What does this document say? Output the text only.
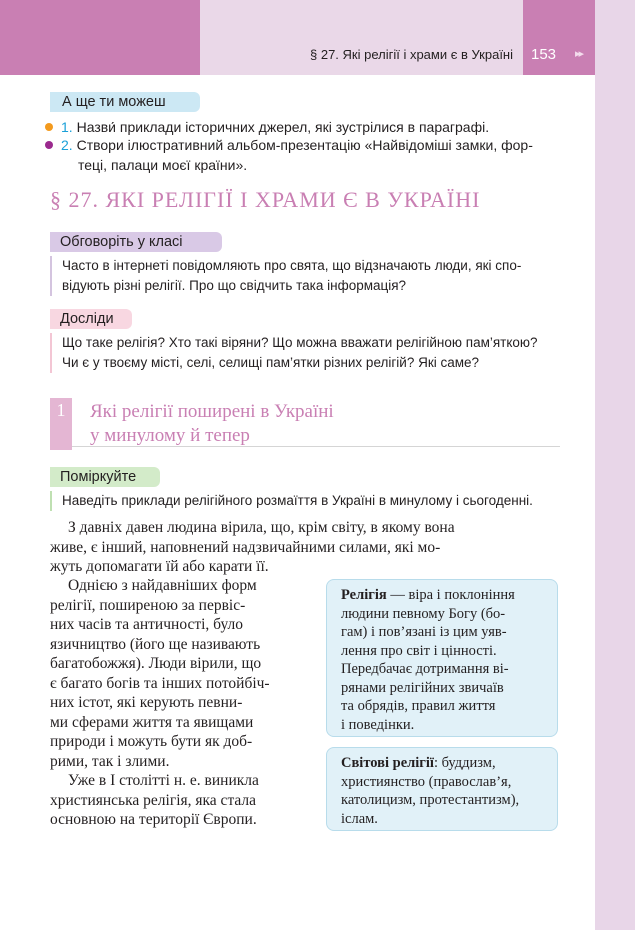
§ 27. Які релігії і храми є в Україні 153 ▸▸
А ще ти можеш
1. Назви́ приклади історичних джерел, які зустрілися в параграфі.
2. Створи ілюстративний альбом-презентацію «Найвідоміші замки, фор-
теці, палаци моєї країни».
§ 27. ЯКІ РЕЛІГІЇ І ХРАМИ Є В УКРАЇНІ
Обговоріть у класі
Часто в інтернеті повідомляють про свята, що відзначають люди, які спо-
відують різні релігії. Про що свідчить така інформація?
Досліди
Що таке релігія? Хто такі віряни? Що можна вважати релігійною пам’яткою?
Чи є у твоєму місті, селі, селищі пам’ятки різних релігій? Які саме?
1	Які релігії поширені в Україні
у минулому й тепер
Поміркуйте
Наведіть приклади релігійного розмаїття в Україні в минулому і сьогоденні.
З давніх давен людина вірила, що, крім світу, в якому вона
живе, є інший, наповнений надзвичайними силами, які мо-
жуть допомагати їй або карати її.
Однією з найдавніших форм
релігії, поширеною за первіс-
них часів та античності, було
язичництво (його ще називають
багатобожжя). Люди вірили, що
є багато богів та інших потойбіч-
них істот, які керують певни-
ми сферами життя та явищами
природи і можуть бути як доб-
рими, так і злими.
Уже в І столітті н. е. виникла
християнська релігія, яка стала
основною на території Європи.
Релігія — віра і поклоніння
людини певному Богу (бо-
гам) і пов’язані із цим уяв-
лення про світ і цінності.
Передбачає дотримання ві-
рянами релігійних звичаїв
та обрядів, правил життя
і поведінки.
Світові релігії: буддизм,
християнство (православ’я,
католицизм, протестантизм),
іслам.
